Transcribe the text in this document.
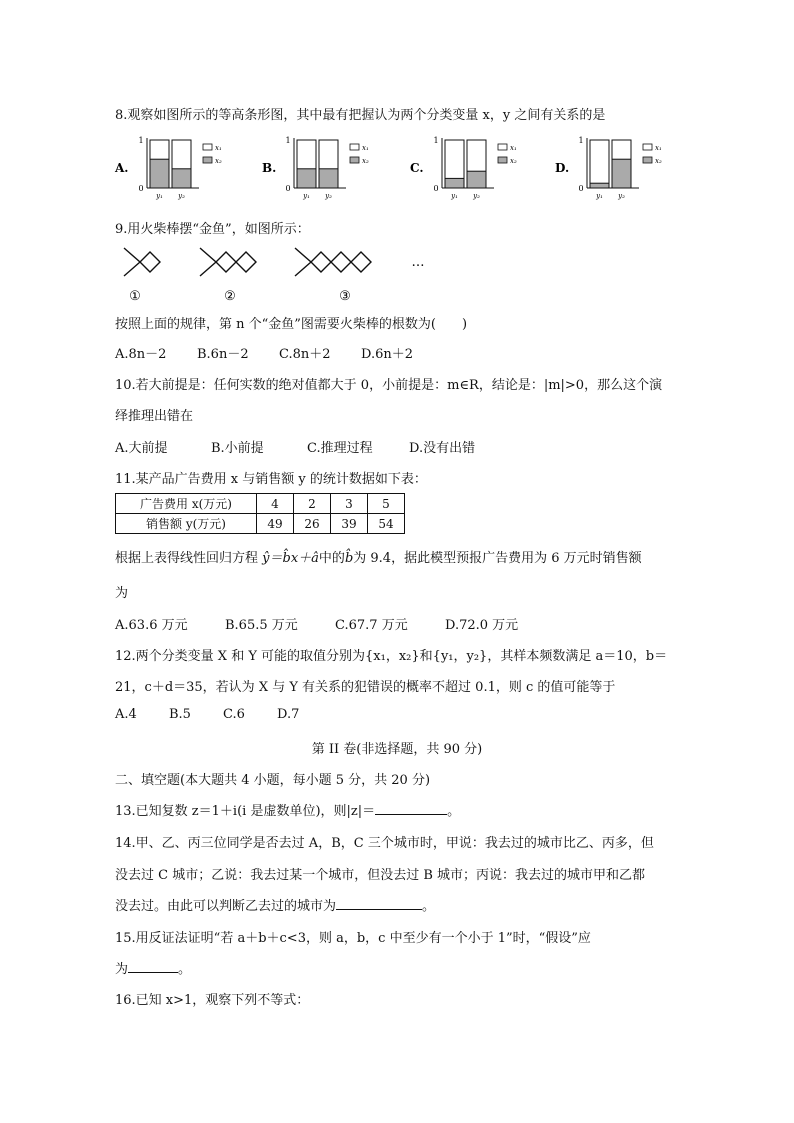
8.观察如图所示的等高条形图，其中最有把握认为两个分类变量 x，y 之间有关系的是
A.
1
0
y₁ y₂
x₁
x₂	B.
1
0
y₁ y₂
x₁
x₂	C.
1
0
y₁ y₂
x₁
x₂	D.
1
0
y₁ y₂
x₁
x₂
9.用火柴棒摆“金鱼”，如图所示：
①	②	③
…
按照上面的规律，第 n 个“金鱼”图需要火柴棒的根数为(　　)
A.8n－2 B.6n－2 C.8n＋2 D.6n＋2
10.若大前提是：任何实数的绝对值都大于 0，小前提是：m∈R，结论是：|m|>0，那么这个演
绎推理出错在
A.大前提	B.小前提	C.推理过程	D.没有出错
11.某产品广告费用 x 与销售额 y 的统计数据如下表：
广告费用 x(万元)	4	2	3	5
销售额 y(万元)	49	26	39	54
根据上表得线性回归方程 ŷ＝b̂x＋â中的b̂为 9.4，据此模型预报广告费用为 6 万元时销售额
为
A.63.6 万元	B.65.5 万元	C.67.7 万元	D.72.0 万元
12.两个分类变量 X 和 Y 可能的取值分别为{x₁，x₂}和{y₁，y₂}，其样本频数满足 a＝10，b＝
21，c＋d＝35，若认为 X 与 Y 有关系的犯错误的概率不超过 0.1，则 c 的值可能等于
A.4 B.5 C.6 D.7
第 II 卷(非选择题，共 90 分)
二、填空题(本大题共 4 小题，每小题 5 分，共 20 分)
13.已知复数 z＝1＋i(i 是虚数单位)，则|z|＝	。
14.甲、乙、丙三位同学是否去过 A，B，C 三个城市时，甲说：我去过的城市比乙、丙多，但
没去过 C 城市；乙说：我去过某一个城市，但没去过 B 城市；丙说：我去过的城市甲和乙都
没去过。由此可以判断乙去过的城市为	。
15.用反证法证明“若 a＋b＋c<3，则 a，b，c 中至少有一个小于 1”时，“假设”应
为	。
16.已知 x>1，观察下列不等式：
